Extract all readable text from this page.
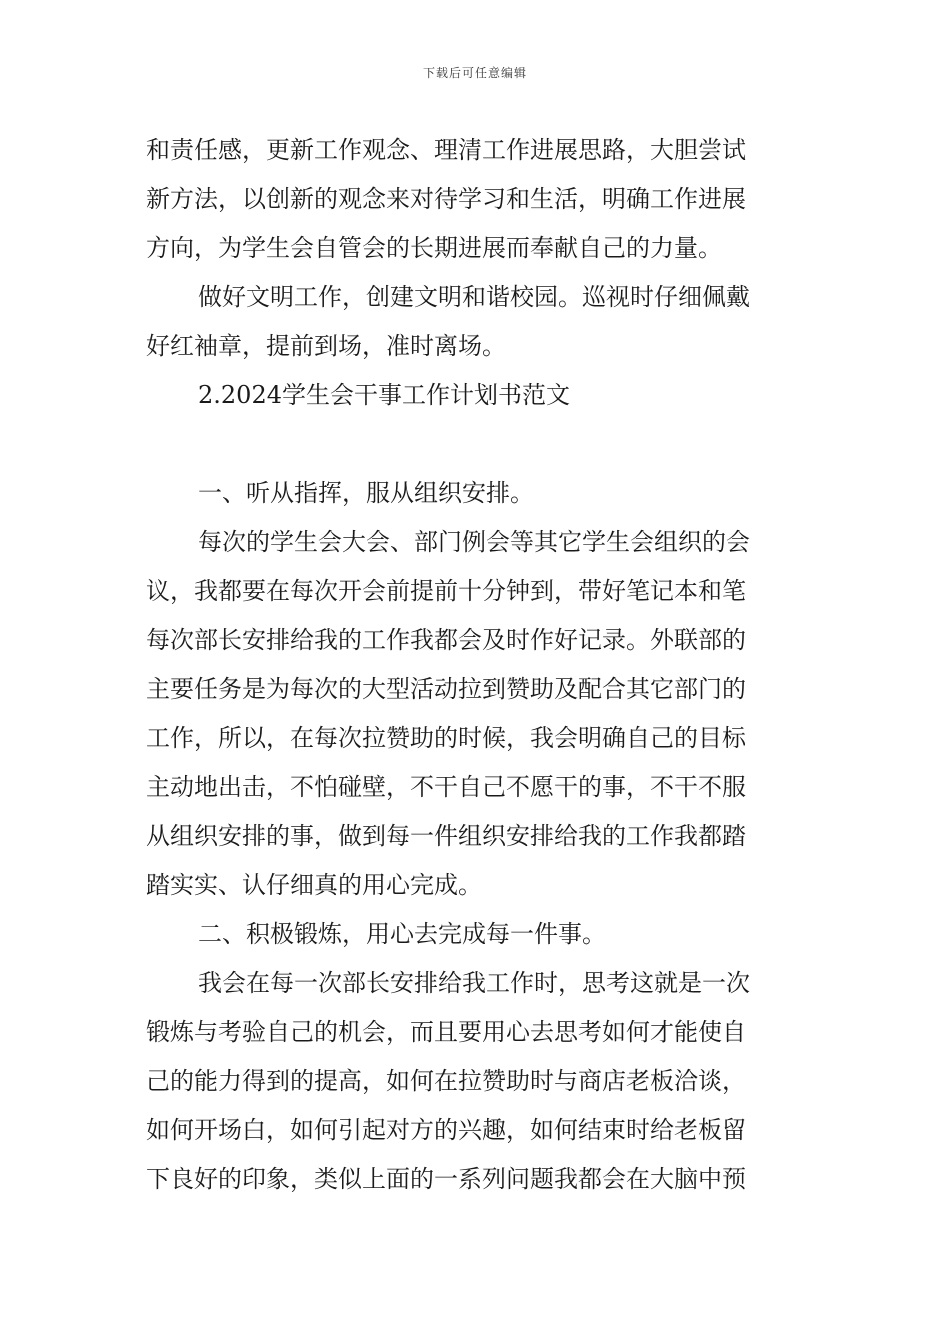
下载后可任意编辑
和责任感，更新工作观念、理清工作进展思路，大胆尝试
新方法，以创新的观念来对待学习和生活，明确工作进展
方向，为学生会自管会的长期进展而奉献自己的力量。
做好文明工作，创建文明和谐校园。巡视时仔细佩戴
好红袖章，提前到场，准时离场。
2.2024学生会干事工作计划书范文
一、听从指挥，服从组织安排。
每次的学生会大会、部门例会等其它学生会组织的会
议，我都要在每次开会前提前十分钟到，带好笔记本和笔
每次部长安排给我的工作我都会及时作好记录。外联部的
主要任务是为每次的大型活动拉到赞助及配合其它部门的
工作，所以，在每次拉赞助的时候，我会明确自己的目标
主动地出击，不怕碰壁，不干自己不愿干的事，不干不服
从组织安排的事，做到每一件组织安排给我的工作我都踏
踏实实、认仔细真的用心完成。
二、积极锻炼，用心去完成每一件事。
我会在每一次部长安排给我工作时，思考这就是一次
锻炼与考验自己的机会，而且要用心去思考如何才能使自
己的能力得到的提高，如何在拉赞助时与商店老板洽谈，
如何开场白，如何引起对方的兴趣，如何结束时给老板留
下良好的印象，类似上面的一系列问题我都会在大脑中预
